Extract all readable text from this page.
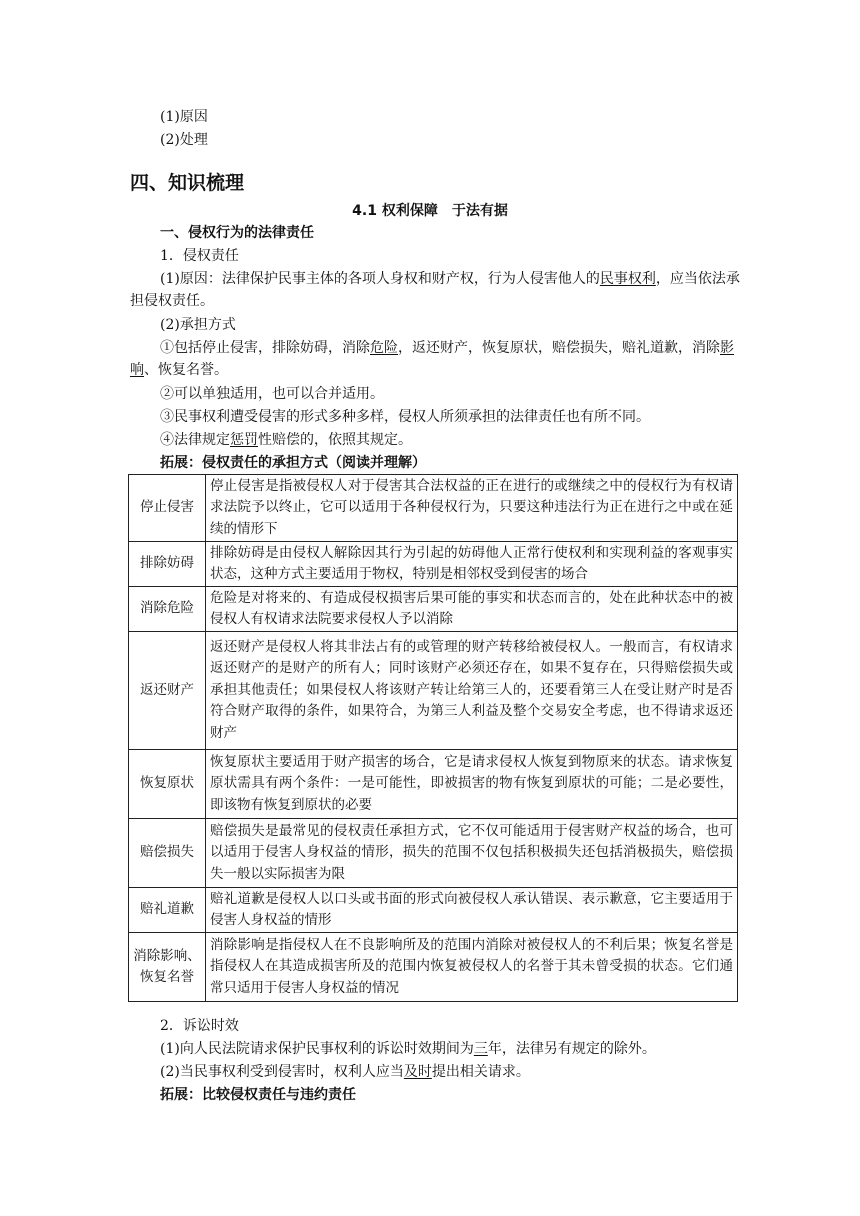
(1)原因
(2)处理
四、知识梳理
4.1 权利保障　于法有据
一、侵权行为的法律责任
1．侵权责任
(1)原因：法律保护民事主体的各项人身权和财产权，行为人侵害他人的民事权利，应当依法承担侵权责任。
(2)承担方式
①包括停止侵害，排除妨碍，消除危险，返还财产，恢复原状，赔偿损失，赔礼道歉，消除影响、恢复名誉。
②可以单独适用，也可以合并适用。
③民事权利遭受侵害的形式多种多样，侵权人所须承担的法律责任也有所不同。
④法律规定惩罚性赔偿的，依照其规定。
拓展：侵权责任的承担方式（阅读并理解）
停止侵害	停止侵害是指被侵权人对于侵害其合法权益的正在进行的或继续之中的侵权行为有权请求法院予以终止，它可以适用于各种侵权行为，只要这种违法行为正在进行之中或在延续的情形下
排除妨碍	排除妨碍是由侵权人解除因其行为引起的妨碍他人正常行使权利和实现利益的客观事实状态，这种方式主要适用于物权，特别是相邻权受到侵害的场合
消除危险	危险是对将来的、有造成侵权损害后果可能的事实和状态而言的，处在此种状态中的被侵权人有权请求法院要求侵权人予以消除
返还财产	返还财产是侵权人将其非法占有的或管理的财产转移给被侵权人。一般而言，有权请求返还财产的是财产的所有人；同时该财产必须还存在，如果不复存在，只得赔偿损失或承担其他责任；如果侵权人将该财产转让给第三人的，还要看第三人在受让财产时是否符合财产取得的条件，如果符合，为第三人利益及整个交易安全考虑，也不得请求返还财产
恢复原状	恢复原状主要适用于财产损害的场合，它是请求侵权人恢复到物原来的状态。请求恢复原状需具有两个条件：一是可能性，即被损害的物有恢复到原状的可能；二是必要性，即该物有恢复到原状的必要
赔偿损失	赔偿损失是最常见的侵权责任承担方式，它不仅可能适用于侵害财产权益的场合，也可以适用于侵害人身权益的情形，损失的范围不仅包括积极损失还包括消极损失，赔偿损失一般以实际损害为限
赔礼道歉	赔礼道歉是侵权人以口头或书面的形式向被侵权人承认错误、表示歉意，它主要适用于侵害人身权益的情形
消除影响、恢复名誉	消除影响是指侵权人在不良影响所及的范围内消除对被侵权人的不利后果；恢复名誉是指侵权人在其造成损害所及的范围内恢复被侵权人的名誉于其未曾受损的状态。它们通常只适用于侵害人身权益的情况
2．诉讼时效
(1)向人民法院请求保护民事权利的诉讼时效期间为三年，法律另有规定的除外。
(2)当民事权利受到侵害时，权利人应当及时提出相关请求。
拓展：比较侵权责任与违约责任
